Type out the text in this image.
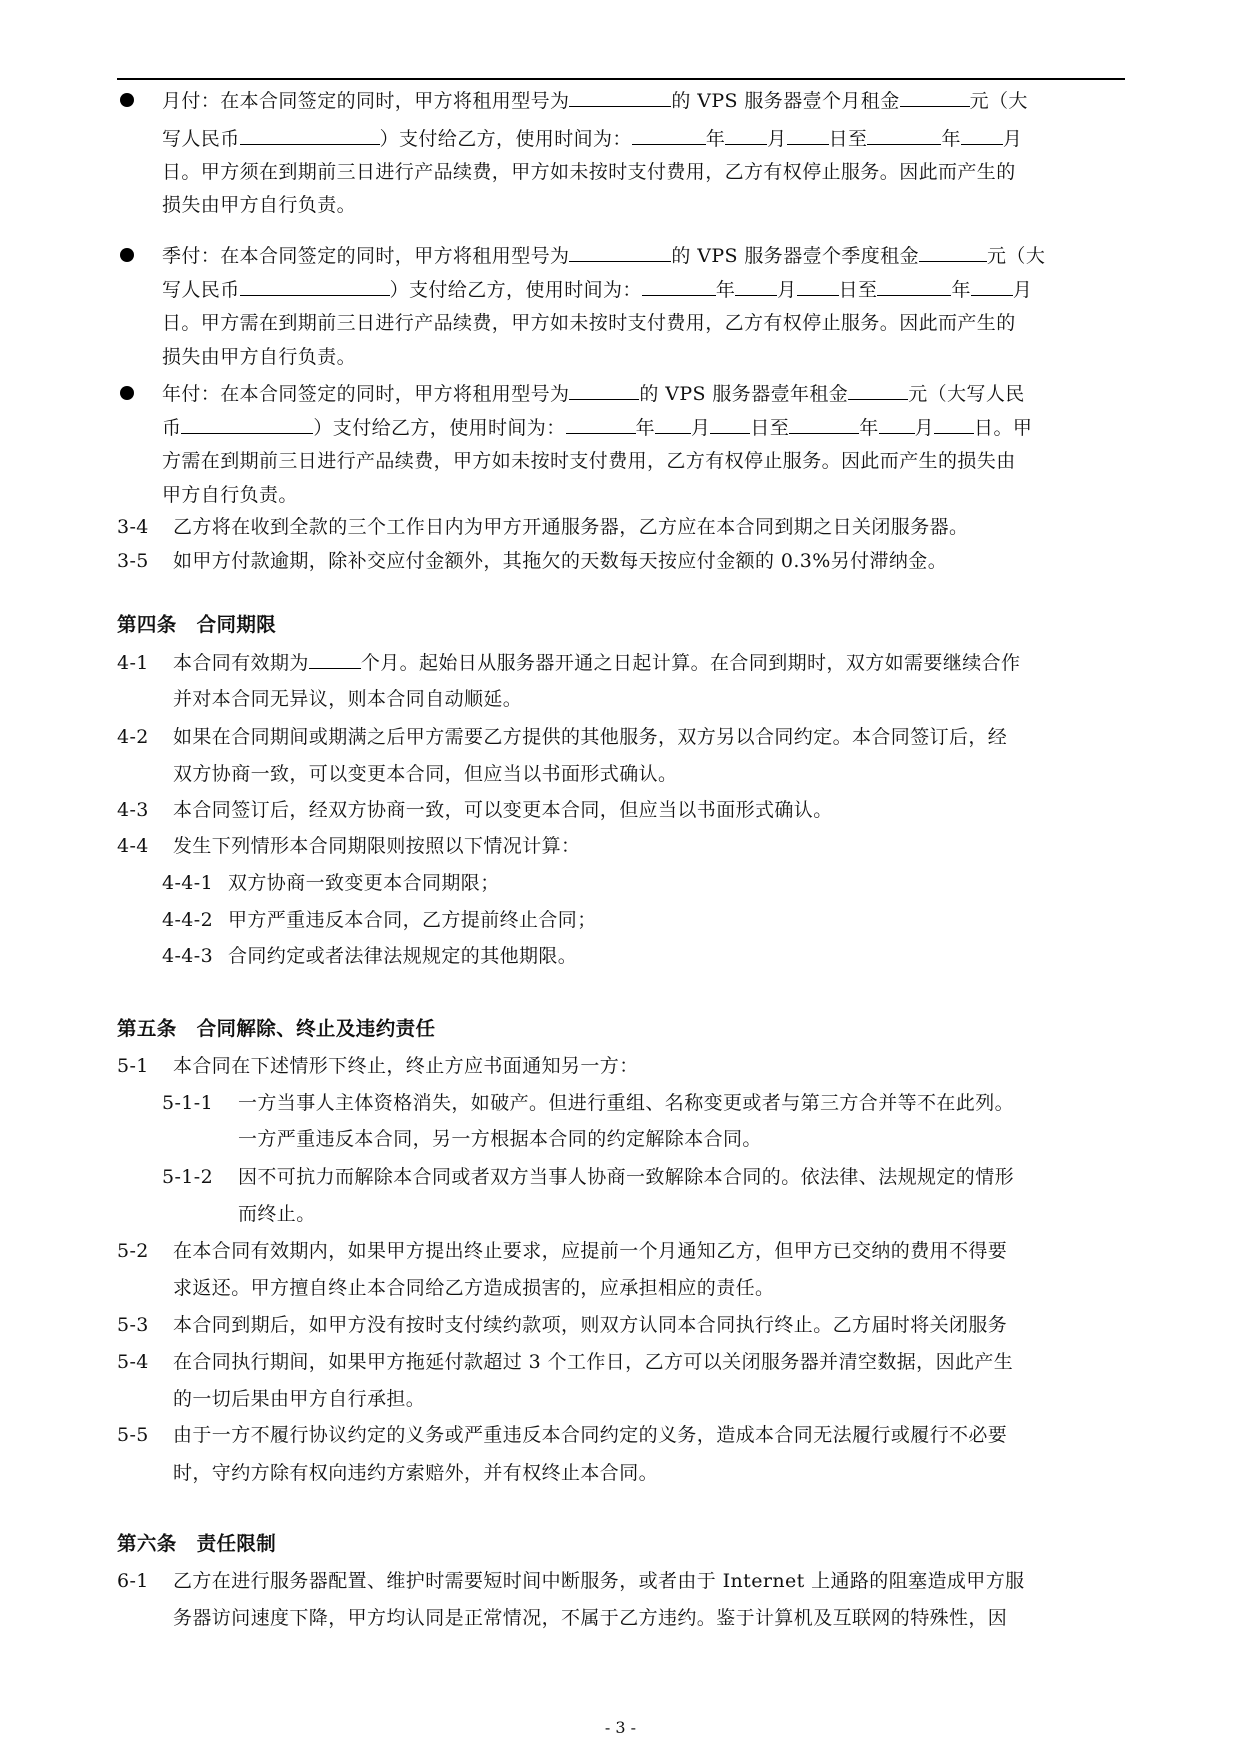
月付：在本合同签定的同时，甲方将租用型号为	的 VPS 服务器壹个月租金	元（大
写人民币	）支付给乙方，使用时间为：	年 月 日至	年 月
日。甲方须在到期前三日进行产品续费，甲方如未按时支付费用，乙方有权停止服务。因此而产生的
损失由甲方自行负责。
季付：在本合同签定的同时，甲方将租用型号为	的 VPS 服务器壹个季度租金	元（大
写人民币	）支付给乙方，使用时间为：	年 月 日至	年 月
日。甲方需在到期前三日进行产品续费，甲方如未按时支付费用，乙方有权停止服务。因此而产生的
损失由甲方自行负责。
年付：在本合同签定的同时，甲方将租用型号为	的 VPS 服务器壹年租金	元（大写人民
币	）支付给乙方，使用时间为：	年 月 日至	年 月 日。甲
方需在到期前三日进行产品续费，甲方如未按时支付费用，乙方有权停止服务。因此而产生的损失由
甲方自行负责。
3-4 乙方将在收到全款的三个工作日内为甲方开通服务器，乙方应在本合同到期之日关闭服务器。
3-5 如甲方付款逾期，除补交应付金额外，其拖欠的天数每天按应付金额的 0.3%另付滞纳金。
第四条　合同期限
4-1 本合同有效期为	个月。起始日从服务器开通之日起计算。在合同到期时，双方如需要继续合作
并对本合同无异议，则本合同自动顺延。
4-2 如果在合同期间或期满之后甲方需要乙方提供的其他服务，双方另以合同约定。本合同签订后，经
双方协商一致，可以变更本合同，但应当以书面形式确认。
4-3 本合同签订后，经双方协商一致，可以变更本合同，但应当以书面形式确认。
4-4 发生下列情形本合同期限则按照以下情况计算：
4-4-1 双方协商一致变更本合同期限；
4-4-2 甲方严重违反本合同，乙方提前终止合同；
4-4-3 合同约定或者法律法规规定的其他期限。
第五条　合同解除、终止及违约责任
5-1 本合同在下述情形下终止，终止方应书面通知另一方：
5-1-1 一方当事人主体资格消失，如破产。但进行重组、名称变更或者与第三方合并等不在此列。
一方严重违反本合同，另一方根据本合同的约定解除本合同。
5-1-2 因不可抗力而解除本合同或者双方当事人协商一致解除本合同的。依法律、法规规定的情形
而终止。
5-2 在本合同有效期内，如果甲方提出终止要求，应提前一个月通知乙方，但甲方已交纳的费用不得要
求返还。甲方擅自终止本合同给乙方造成损害的，应承担相应的责任。
5-3 本合同到期后，如甲方没有按时支付续约款项，则双方认同本合同执行终止。乙方届时将关闭服务
5-4 在合同执行期间，如果甲方拖延付款超过 3 个工作日，乙方可以关闭服务器并清空数据，因此产生
的一切后果由甲方自行承担。
5-5 由于一方不履行协议约定的义务或严重违反本合同约定的义务，造成本合同无法履行或履行不必要
时，守约方除有权向违约方索赔外，并有权终止本合同。
第六条　责任限制
6-1 乙方在进行服务器配置、维护时需要短时间中断服务，或者由于 Internet 上通路的阻塞造成甲方服
务器访问速度下降，甲方均认同是正常情况，不属于乙方违约。鉴于计算机及互联网的特殊性，因
- 3 -
